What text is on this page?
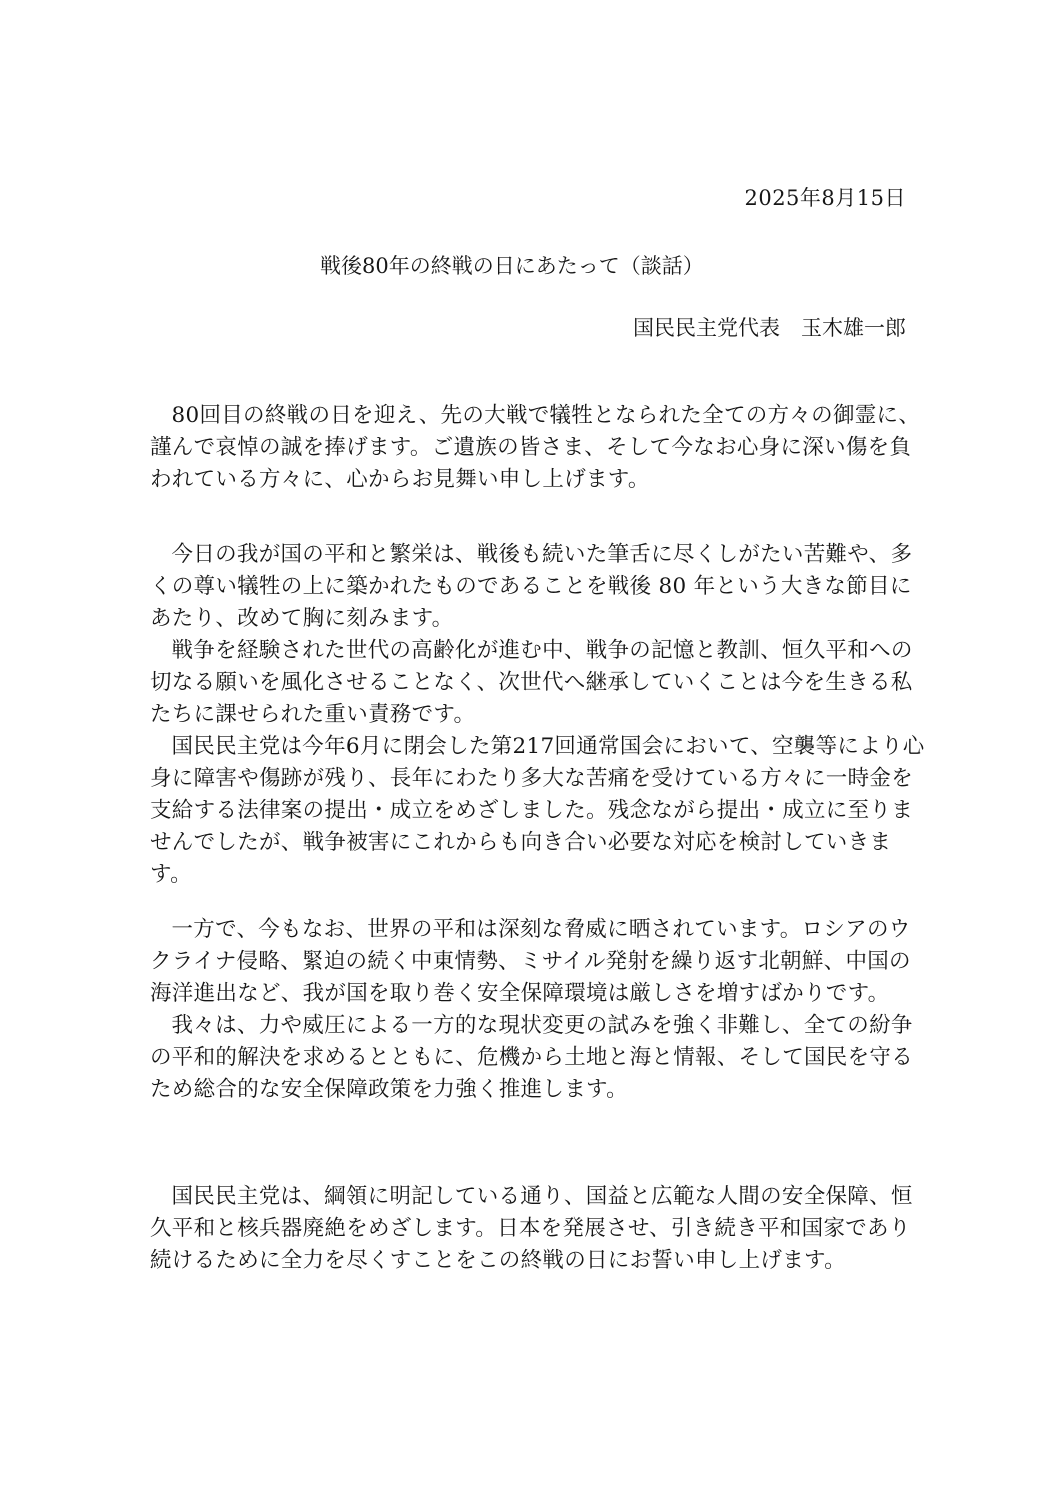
2025年8月15日
戦後80年の終戦の日にあたって（談話）
国民民主党代表　玉木雄一郎

80回目の終戦の日を迎え、先の大戦で犠牲となられた全ての方々の御霊に、謹んで哀悼の誠を捧げます。ご遺族の皆さま、そして今なお心身に深い傷を負われている方々に、心からお見舞い申し上げます。

今日の我が国の平和と繁栄は、戦後も続いた筆舌に尽くしがたい苦難や、多くの尊い犠牲の上に築かれたものであることを戦後 80 年という大きな節目にあたり、改めて胸に刻みます。

戦争を経験された世代の高齢化が進む中、戦争の記憶と教訓、恒久平和への切なる願いを風化させることなく、次世代へ継承していくことは今を生きる私たちに課せられた重い責務です。

国民民主党は今年6月に閉会した第217回通常国会において、空襲等により心身に障害や傷跡が残り、長年にわたり多大な苦痛を受けている方々に一時金を支給する法律案の提出・成立をめざしました。残念ながら提出・成立に至りませんでしたが、戦争被害にこれからも向き合い必要な対応を検討していきます。

一方で、今もなお、世界の平和は深刻な脅威に晒されています。ロシアのウクライナ侵略、緊迫の続く中東情勢、ミサイル発射を繰り返す北朝鮮、中国の海洋進出など、我が国を取り巻く安全保障環境は厳しさを増すばかりです。

我々は、力や威圧による一方的な現状変更の試みを強く非難し、全ての紛争の平和的解決を求めるとともに、危機から土地と海と情報、そして国民を守るため総合的な安全保障政策を力強く推進します。

国民民主党は、綱領に明記している通り、国益と広範な人間の安全保障、恒久平和と核兵器廃絶をめざします。日本を発展させ、引き続き平和国家であり続けるために全力を尽くすことをこの終戦の日にお誓い申し上げます。
